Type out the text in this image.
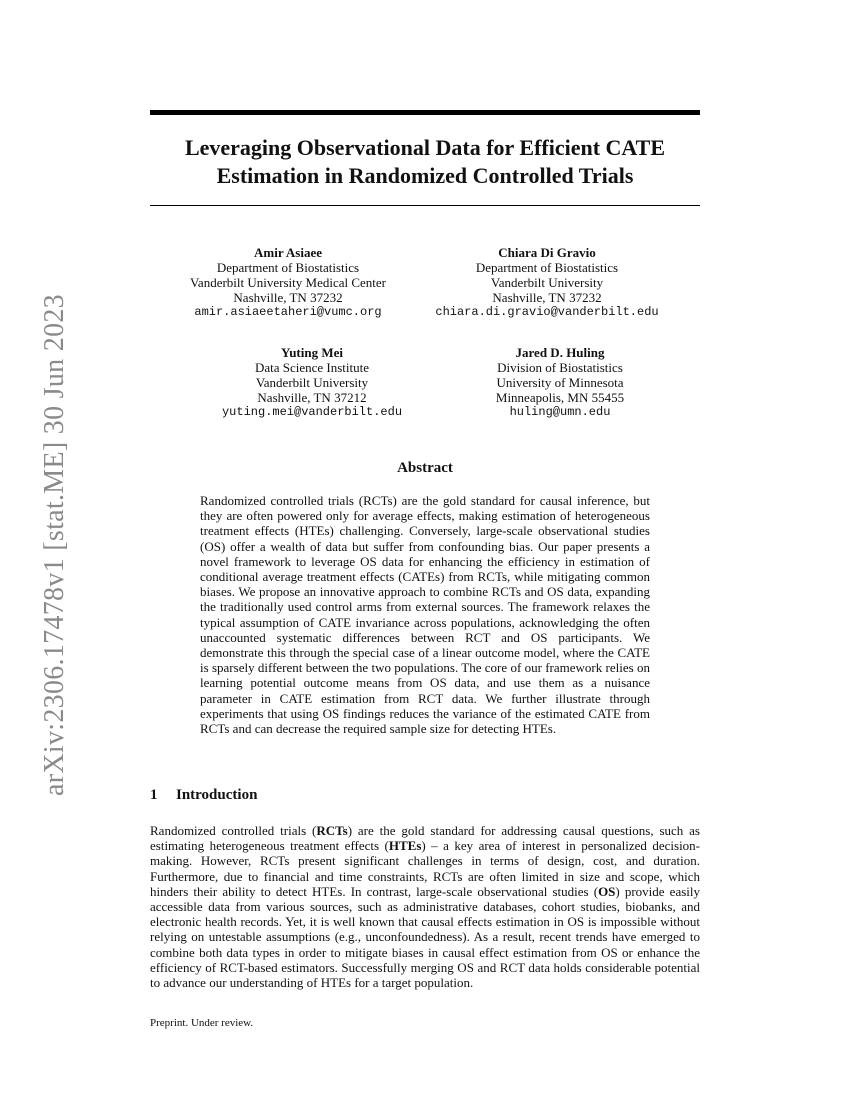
arXiv:2306.17478v1 [stat.ME] 30 Jun 2023
Leveraging Observational Data for Efficient CATE
Estimation in Randomized Controlled Trials
Amir Asiaee
Department of Biostatistics
Vanderbilt University Medical Center
Nashville, TN 37232
amir.asiaeetaheri@vumc.org
Chiara Di Gravio
Department of Biostatistics
Vanderbilt University
Nashville, TN 37232
chiara.di.gravio@vanderbilt.edu
Yuting Mei
Data Science Institute
Vanderbilt University
Nashville, TN 37212
yuting.mei@vanderbilt.edu
Jared D. Huling
Division of Biostatistics
University of Minnesota
Minneapolis, MN 55455
huling@umn.edu
Abstract

Randomized controlled trials (RCTs) are the gold standard for causal inference, but they are often powered only for average effects, making estimation of heterogeneous treatment effects (HTEs) challenging. Conversely, large-scale observational studies (OS) offer a wealth of data but suffer from confounding bias. Our paper presents a novel framework to leverage OS data for enhancing the efficiency in estimation of conditional average treatment effects (CATEs) from RCTs, while mitigating common biases. We propose an innovative approach to combine RCTs and OS data, expanding the traditionally used control arms from external sources. The framework relaxes the typical assumption of CATE invariance across populations, acknowledging the often unaccounted systematic differences between RCT and OS participants. We demonstrate this through the special case of a linear outcome model, where the CATE is sparsely different between the two populations. The core of our framework relies on learning potential outcome means from OS data, and use them as a nuisance parameter in CATE estimation from RCT data. We further illustrate through experiments that using OS findings reduces the variance of the estimated CATE from RCTs and can decrease the required sample size for detecting HTEs.

1 Introduction

Randomized controlled trials (RCTs) are the gold standard for addressing causal questions, such as estimating heterogeneous treatment effects (HTEs) – a key area of interest in personalized decision-making. However, RCTs present significant challenges in terms of design, cost, and duration. Furthermore, due to financial and time constraints, RCTs are often limited in size and scope, which hinders their ability to detect HTEs. In contrast, large-scale observational studies (OS) provide easily accessible data from various sources, such as administrative databases, cohort studies, biobanks, and electronic health records. Yet, it is well known that causal effects estimation in OS is impossible without relying on untestable assumptions (e.g., unconfoundedness). As a result, recent trends have emerged to combine both data types in order to mitigate biases in causal effect estimation from OS or enhance the efficiency of RCT-based estimators. Successfully merging OS and RCT data holds considerable potential to advance our understanding of HTEs for a target population.

Preprint. Under review.
